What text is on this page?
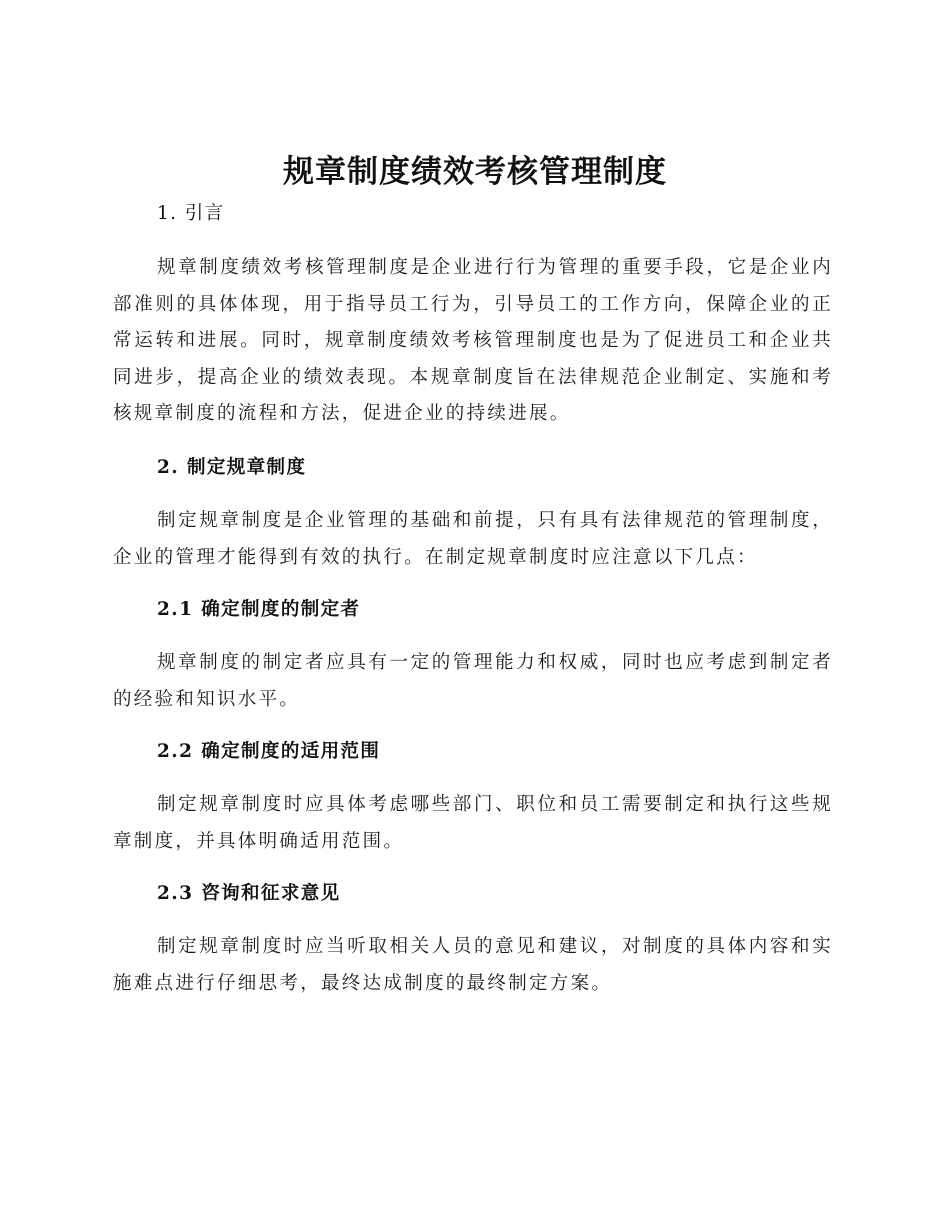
规章制度绩效考核管理制度
1. 引言

规章制度绩效考核管理制度是企业进行行为管理的重要手段，它是企业内部准则的具体体现，用于指导员工行为，引导员工的工作方向，保障企业的正常运转和进展。同时，规章制度绩效考核管理制度也是为了促进员工和企业共同进步，提高企业的绩效表现。本规章制度旨在法律规范企业制定、实施和考核规章制度的流程和方法，促进企业的持续进展。

2. 制定规章制度

制定规章制度是企业管理的基础和前提，只有具有法律规范的管理制度，企业的管理才能得到有效的执行。在制定规章制度时应注意以下几点：

2.1 确定制度的制定者

规章制度的制定者应具有一定的管理能力和权威，同时也应考虑到制定者的经验和知识水平。

2.2 确定制度的适用范围

制定规章制度时应具体考虑哪些部门、职位和员工需要制定和执行这些规章制度，并具体明确适用范围。

2.3 咨询和征求意见

制定规章制度时应当听取相关人员的意见和建议，对制度的具体内容和实施难点进行仔细思考，最终达成制度的最终制定方案。
